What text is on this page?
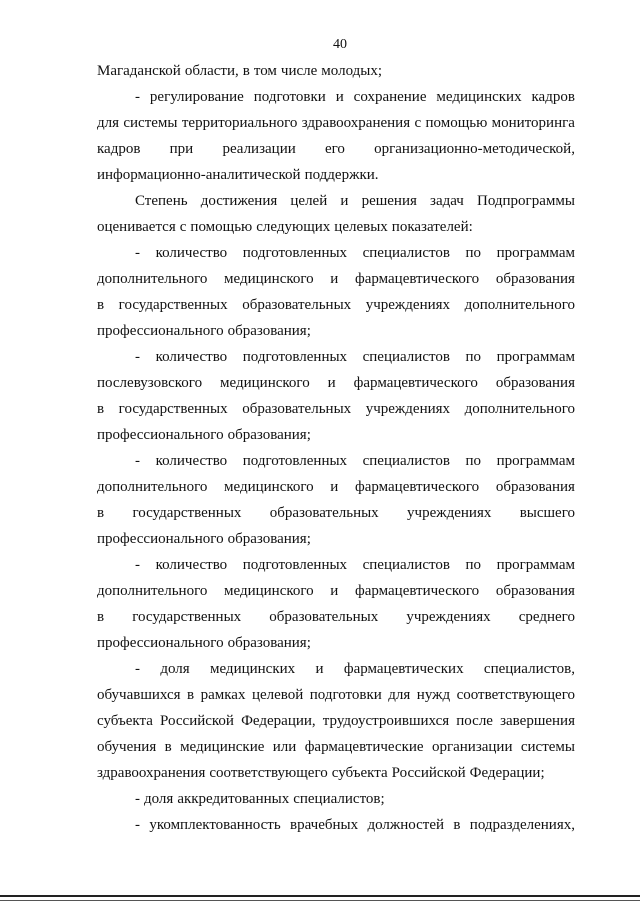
40
Магаданской области, в том числе молодых;
- регулирование подготовки и сохранение медицинских кадров
для системы территориального здравоохранения с помощью мониторинга
кадров при реализации его организационно-методической,
информационно-аналитической поддержки.
Степень достижения целей и решения задач Подпрограммы
оценивается с помощью следующих целевых показателей:
- количество подготовленных специалистов по программам
дополнительного медицинского и фармацевтического образования
в государственных образовательных учреждениях дополнительного
профессионального образования;
- количество подготовленных специалистов по программам
послевузовского медицинского и фармацевтического образования
в государственных образовательных учреждениях дополнительного
профессионального образования;
- количество подготовленных специалистов по программам
дополнительного медицинского и фармацевтического образования
в государственных образовательных учреждениях высшего
профессионального образования;
- количество подготовленных специалистов по программам
дополнительного медицинского и фармацевтического образования
в государственных образовательных учреждениях среднего
профессионального образования;
- доля медицинских и фармацевтических специалистов,
обучавшихся в рамках целевой подготовки для нужд соответствующего
субъекта Российской Федерации, трудоустроившихся после завершения
обучения в медицинские или фармацевтические организации системы
здравоохранения соответствующего субъекта Российской Федерации;
- доля аккредитованных специалистов;
- укомплектованность врачебных должностей в подразделениях,
